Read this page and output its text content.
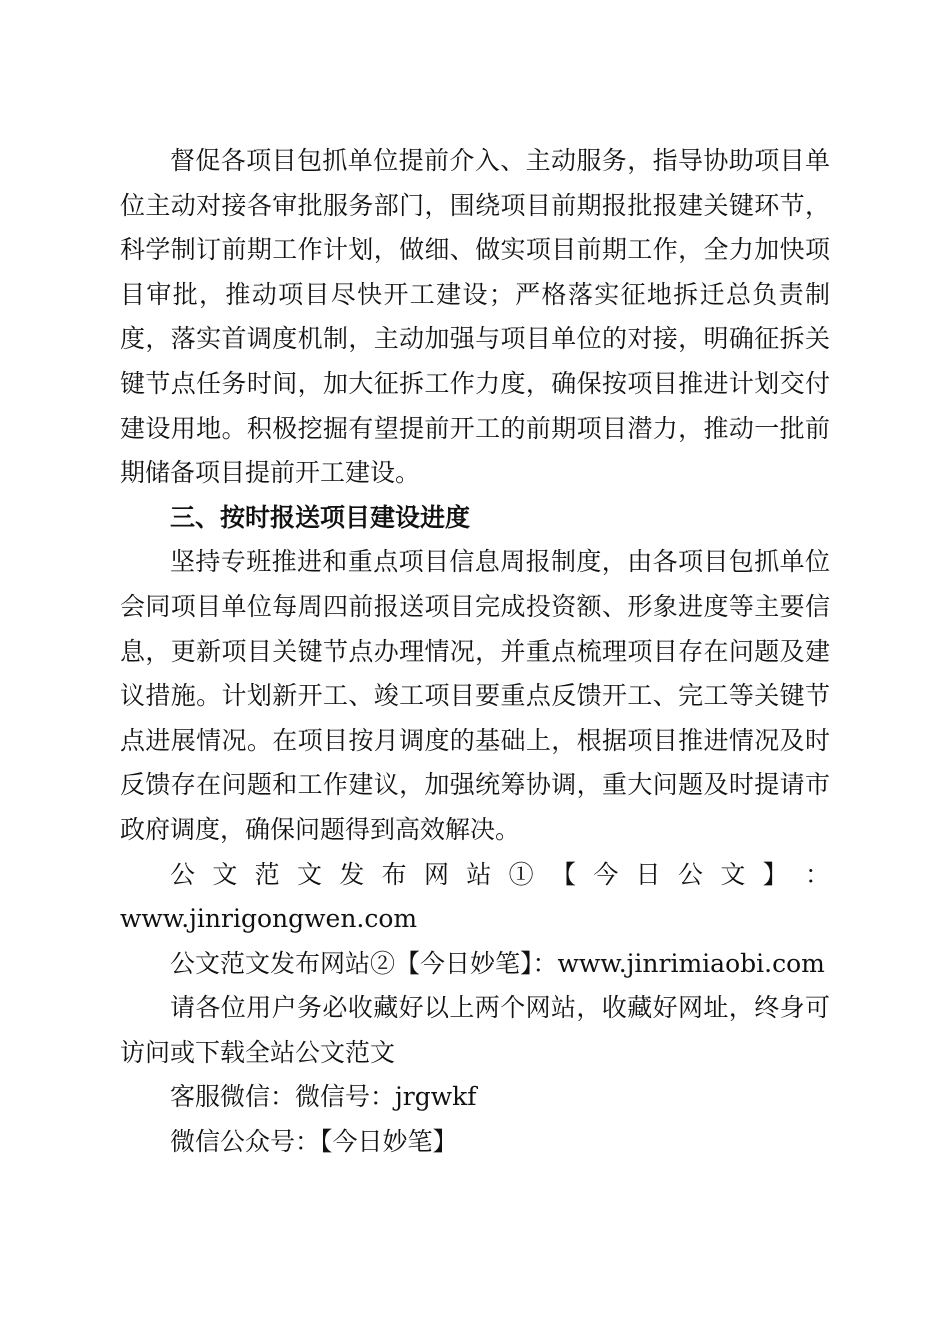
督促各项目包抓单位提前介入、主动服务，指导协助项目单位主动对接各审批服务部门，围绕项目前期报批报建关键环节，科学制订前期工作计划，做细、做实项目前期工作，全力加快项目审批，推动项目尽快开工建设；严格落实征地拆迁总负责制度，落实首调度机制，主动加强与项目单位的对接，明确征拆关键节点任务时间，加大征拆工作力度，确保按项目推进计划交付建设用地。积极挖掘有望提前开工的前期项目潜力，推动一批前期储备项目提前开工建设。

三、按时报送项目建设进度

坚持专班推进和重点项目信息周报制度，由各项目包抓单位会同项目单位每周四前报送项目完成投资额、形象进度等主要信息，更新项目关键节点办理情况，并重点梳理项目存在问题及建议措施。计划新开工、竣工项目要重点反馈开工、完工等关键节点进展情况。在项目按月调度的基础上，根据项目推进情况及时反馈存在问题和工作建议，加强统筹协调，重大问题及时提请市政府调度，确保问题得到高效解决。

公 文 范 文 发 布 网 站 ① 【 今 日 公 文 】 ：

www.jinrigongwen.com

公文范文发布网站②【今日妙笔】：www.jinrimiaobi.com

请各位用户务必收藏好以上两个网站，收藏好网址，终身可访问或下载全站公文范文

客服微信：微信号：jrgwkf

微信公众号：【今日妙笔】
